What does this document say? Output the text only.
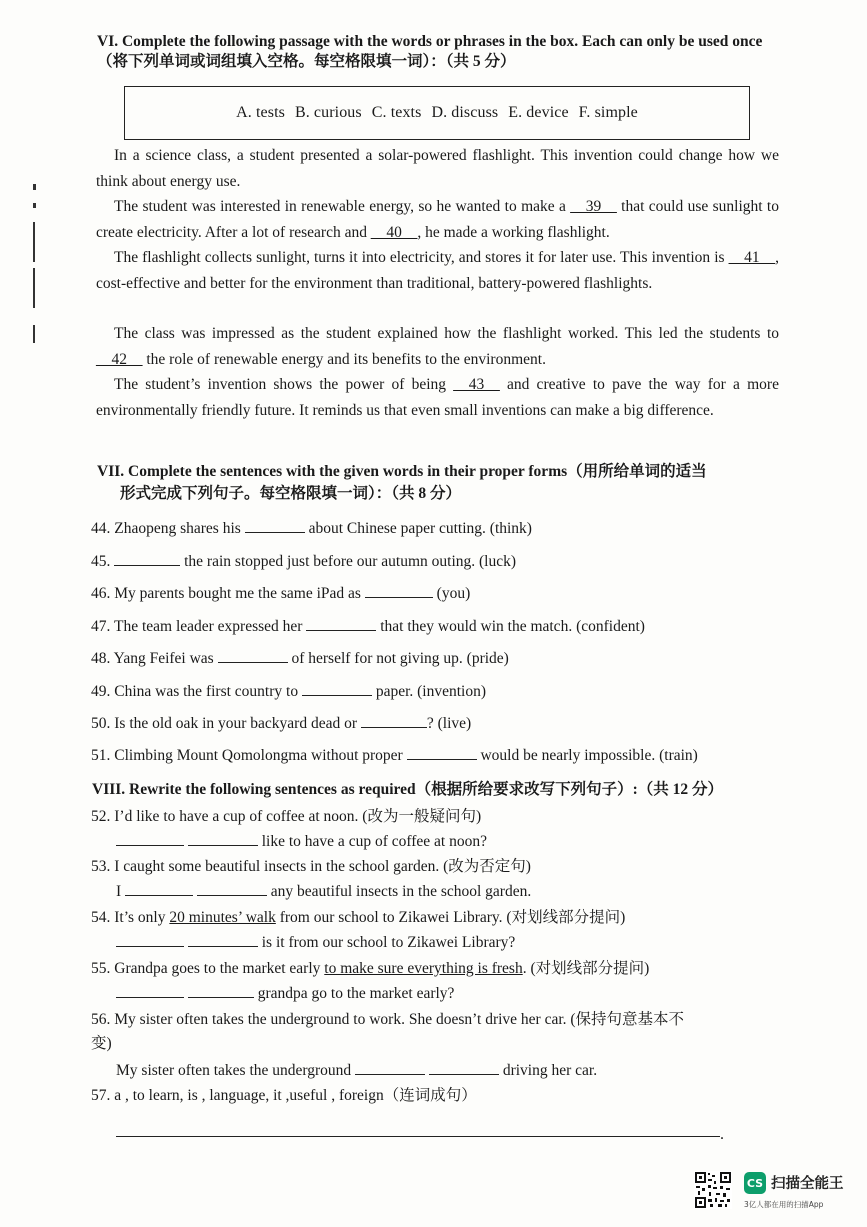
VI. Complete the following passage with the words or phrases in the box. Each can only be used once（将下列单词或词组填入空格。每空格限填一词）：（共 5 分）
A. tests B. curious C. texts D. discuss E. device F. simple
In a science class, a student presented a solar-powered flashlight. This invention could change how we think about energy use.
The student was interested in renewable energy, so he wanted to make a __39__ that could use sunlight to create electricity. After a lot of research and __40__, he made a working flashlight.
The flashlight collects sunlight, turns it into electricity, and stores it for later use. This invention is __41__, cost-effective and better for the environment than traditional, battery-powered flashlights.
The class was impressed as the student explained how the flashlight worked. This led the students to __42__ the role of renewable energy and its benefits to the environment.
The student’s invention shows the power of being __43__ and creative to pave the way for a more environmentally friendly future. It reminds us that even small inventions can make a big difference.
VII. Complete the sentences with the given words in their proper forms（用所给单词的适当
形式完成下列句子。每空格限填一词）：（共 8 分）
44. Zhaopeng shares his	about Chinese paper cutting. (think)
45.	the rain stopped just before our autumn outing. (luck)
46. My parents bought me the same iPad as	(you)
47. The team leader expressed her	that they would win the match. (confident)
48. Yang Feifei was	of herself for not giving up. (pride)
49. China was the first country to	paper. (invention)
50. Is the old oak in your backyard dead or	? (live)
51. Climbing Mount Qomolongma without proper	would be nearly impossible. (train)
VIII. Rewrite the following sentences as required（根据所给要求改写下列句子）:（共 12 分）
52. I’d like to have a cup of coffee at noon. (改为一般疑问句)
like to have a cup of coffee at noon?
53. I caught some beautiful insects in the school garden. (改为否定句)
I	any beautiful insects in the school garden.
54. It’s only 20 minutes’ walk from our school to Zikawei Library. (对划线部分提问)
is it from our school to Zikawei Library?
55. Grandpa goes to the market early to make sure everything is fresh. (对划线部分提问)
grandpa go to the market early?
56. My sister often takes the underground to work. She doesn’t drive her car. (保持句意基本不
变)
My sister often takes the underground	driving her car.
57. a , to learn, is , language, it ,useful , foreign（连词成句）
.
CS 扫描全能王
3亿人都在用的扫描App
